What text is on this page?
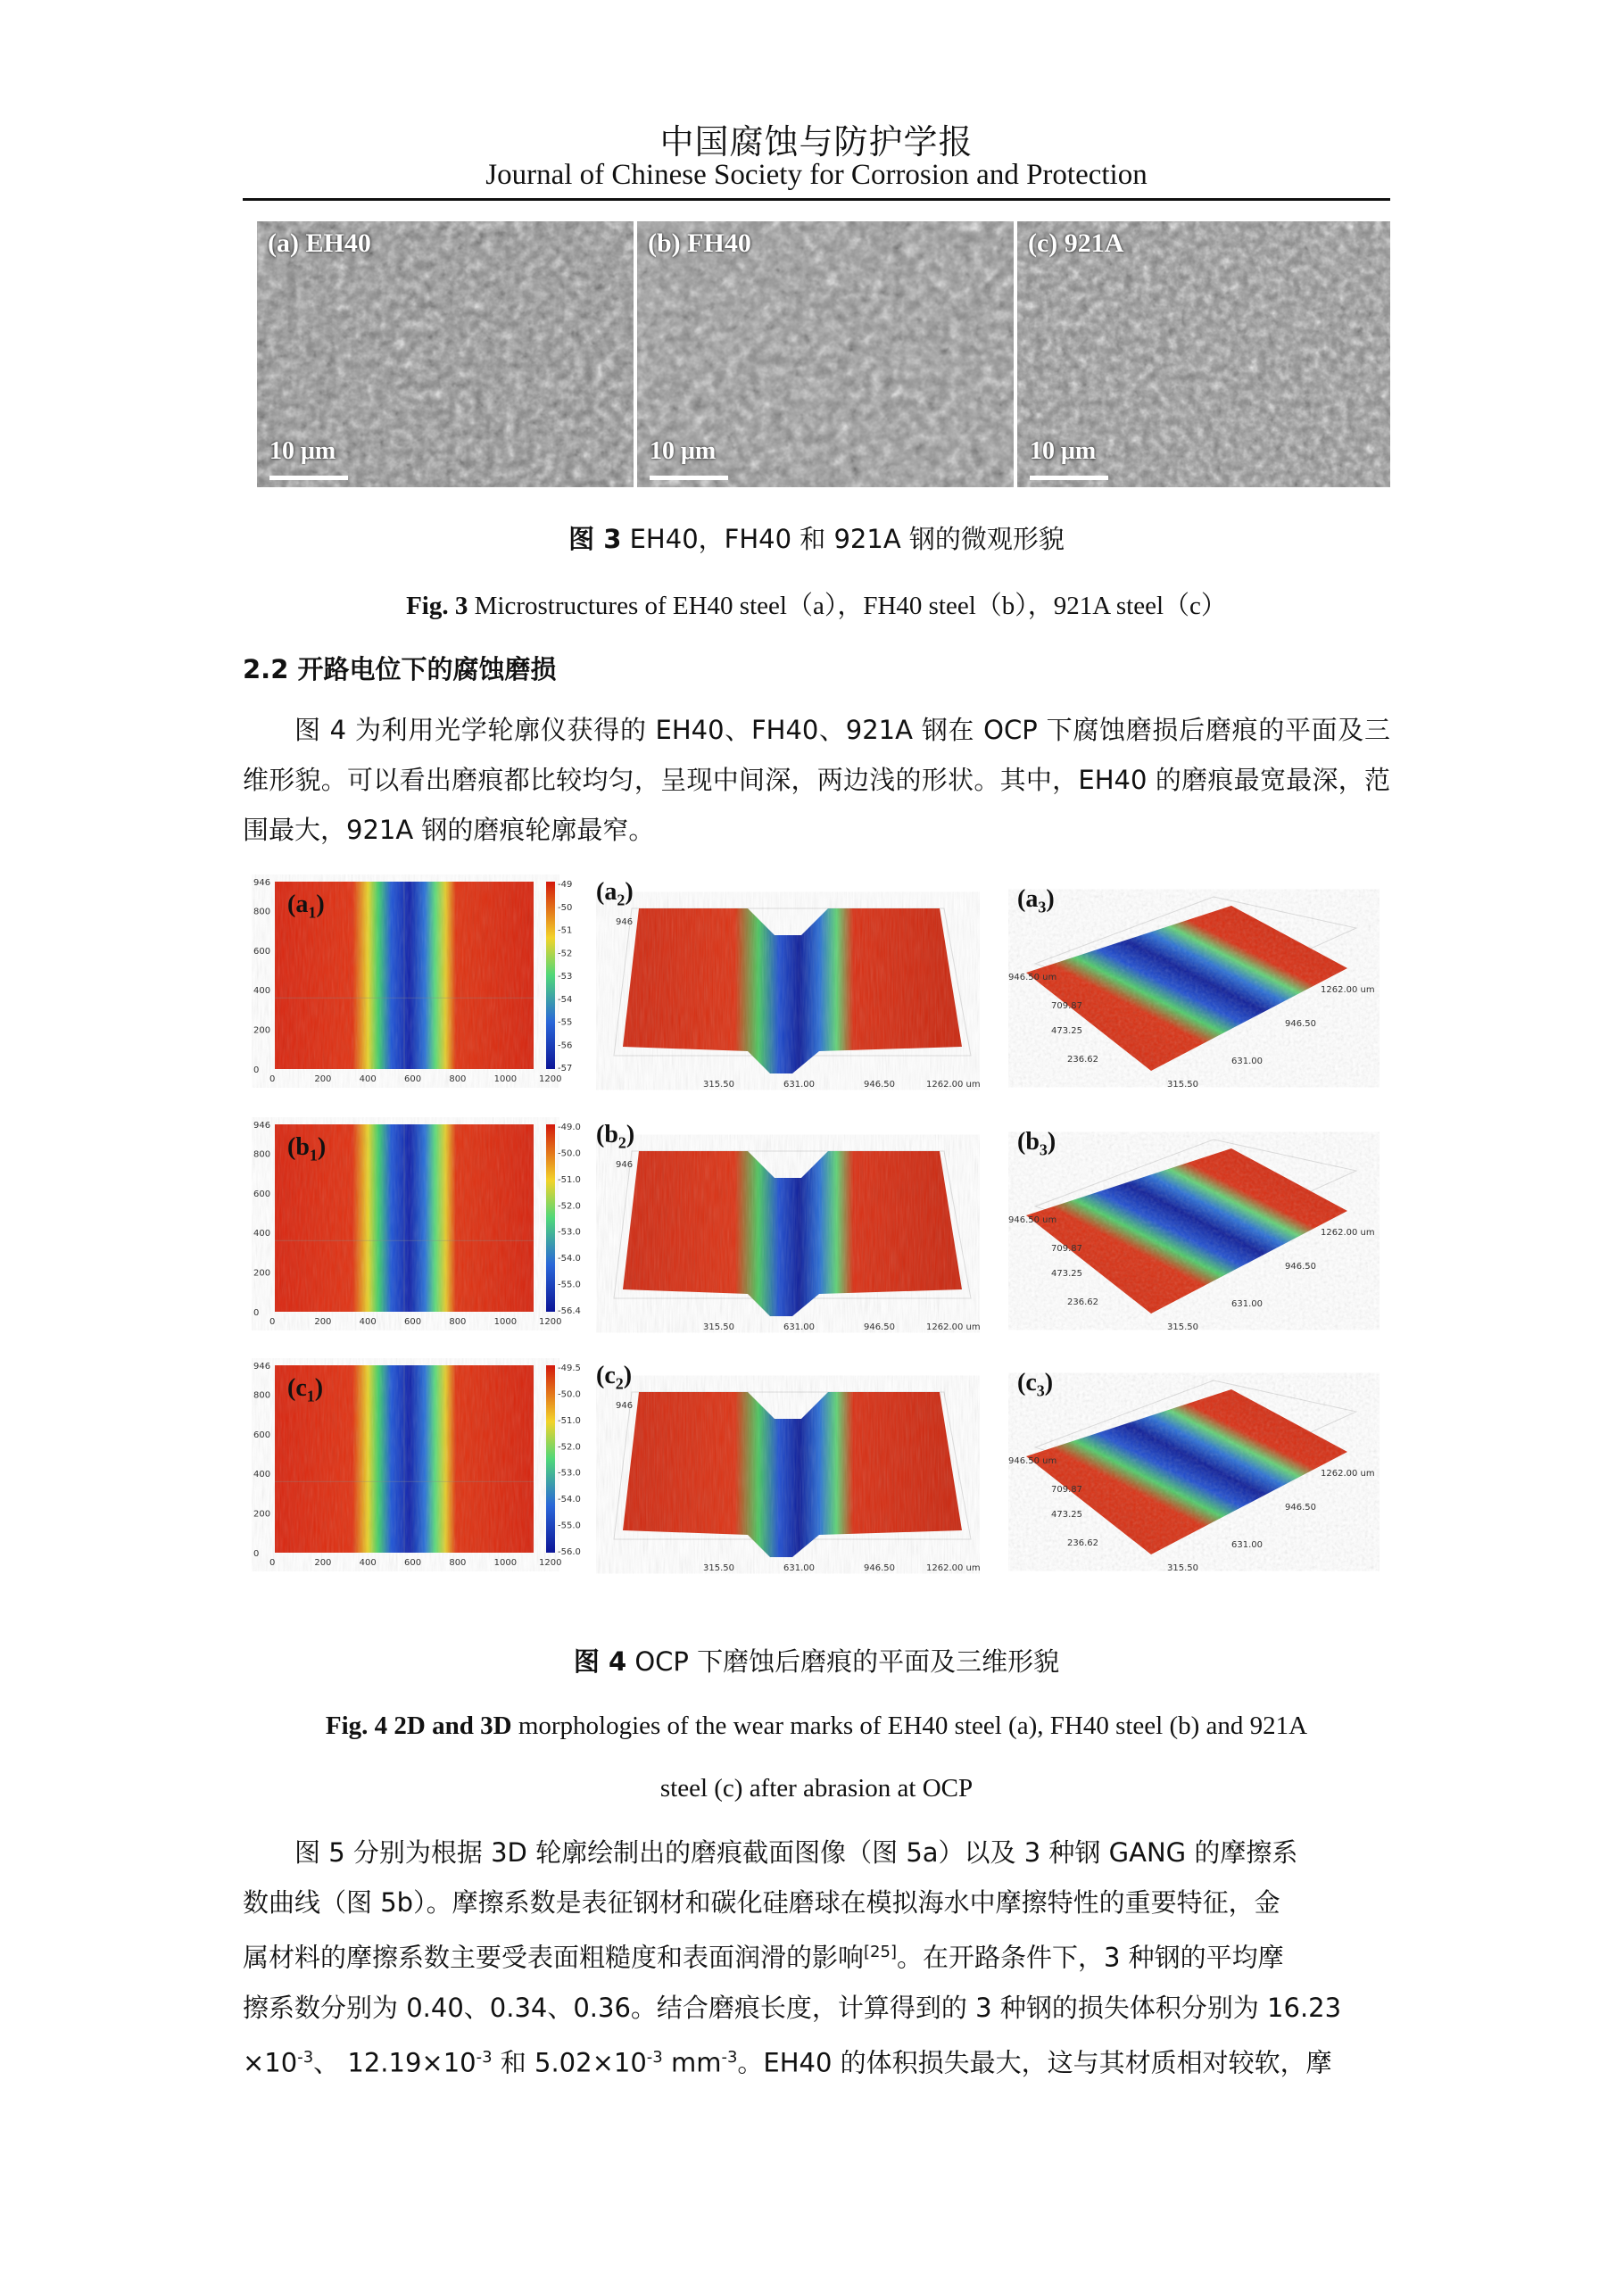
中国腐蚀与防护学报
Journal of Chinese Society for Corrosion and Protection
(a) EH40
10 μm
(b) FH40
10 μm
(c) 921A
10 μm
图 3 EH40，FH40 和 921A 钢的微观形貌
Fig. 3 Microstructures of EH40 steel（a），FH40 steel（b），921A steel（c）
2.2 开路电位下的腐蚀磨损

图 4 为利用光学轮廓仪获得的 EH40、FH40、921A 钢在 OCP 下腐蚀磨损后磨痕的平面及三维形貌。可以看出磨痕都比较均匀，呈现中间深，两边浅的形状。其中，EH40 的磨痕最宽最深，范围最大，921A 钢的磨痕轮廓最窄。

0	200	400	600	800	1000 1200
946
800
600
400
200
0
-49
-50
-51
-52
-53
-54
-55
-56
-57
$(a_1)$
315.50	631.00	946.50	1262.00 um
946
$(a_2)$
946.50 um
709.87
473.25
236.62
315.50
631.00
946.50
1262.00 um
$(a_3)$
0	200	400	600	800	1000 1200
946
800
600
400
200
0
-49.0
-50.0
-51.0
-52.0
-53.0
-54.0
-55.0
-56.4
$(b_1)$
315.50	631.00	946.50	1262.00 um
946
$(b_2)$
946.50 um
709.87
473.25
236.62
315.50
631.00
946.50
1262.00 um
$(b_3)$
0	200	400	600	800	1000 1200
946
800
600
400
200
0
-49.5
-50.0
-51.0
-52.0
-53.0
-54.0
-55.0
-56.0
$(c_1)$
315.50	631.00	946.50	1262.00 um
946
$(c_2)$
946.50 um
709.87
473.25
236.62
315.50
631.00
946.50
1262.00 um
$(c_3)$
图 4 OCP 下磨蚀后磨痕的平面及三维形貌
Fig. 4 2D and 3D morphologies of the wear marks of EH40 steel (a), FH40 steel (b) and 921A
steel (c) after abrasion at OCP
图 5 分别为根据 3D 轮廓绘制出的磨痕截面图像（图 5a）以及 3 种钢 GANG 的摩擦系
数曲线（图 5b）。摩擦系数是表征钢材和碳化硅磨球在模拟海水中摩擦特性的重要特征，金
属材料的摩擦系数主要受表面粗糙度和表面润滑的影响[25]。在开路条件下，3 种钢的平均摩
擦系数分别为 0.40、0.34、0.36。结合磨痕长度，计算得到的 3 种钢的损失体积分别为 16.23
$\times 10^{-3}$、 $12.19\times 10^{-3}$ 和 $5.02\times 10^{-3}$ $mm^{-3}$。EH40 的体积损失最大，这与其材质相对较软，摩
